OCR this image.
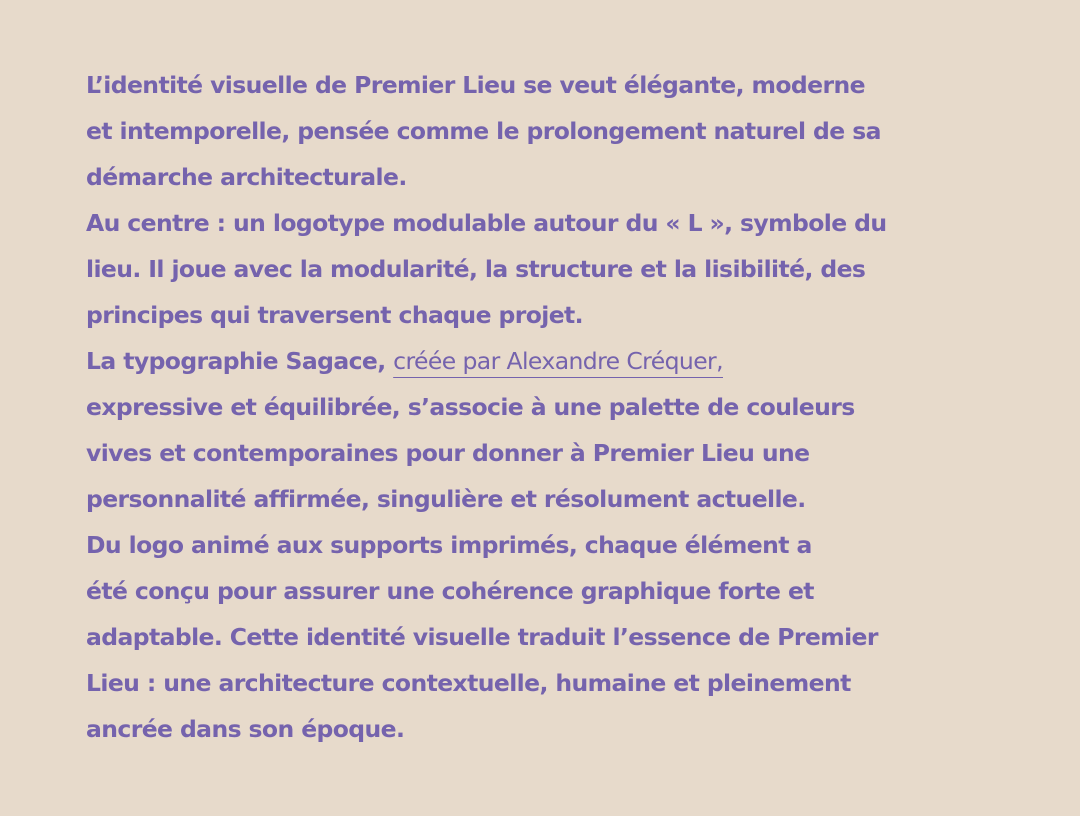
L’identité visuelle de Premier Lieu se veut élégante, moderne
et intemporelle, pensée comme le prolongement naturel de sa
démarche architecturale.

Au centre : un logotype modulable autour du « L », symbole du
lieu. Il joue avec la modularité, la structure et la lisibilité, des
principes qui traversent chaque projet.

La typographie Sagace, créée par Alexandre Créquer,
expressive et équilibrée, s’associe à une palette de couleurs
vives et contemporaines pour donner à Premier Lieu une
personnalité affirmée, singulière et résolument actuelle.

Du logo animé aux supports imprimés, chaque élément a
été conçu pour assurer une cohérence graphique forte et
adaptable. Cette identité visuelle traduit l’essence de Premier
Lieu : une architecture contextuelle, humaine et pleinement
ancrée dans son époque.
